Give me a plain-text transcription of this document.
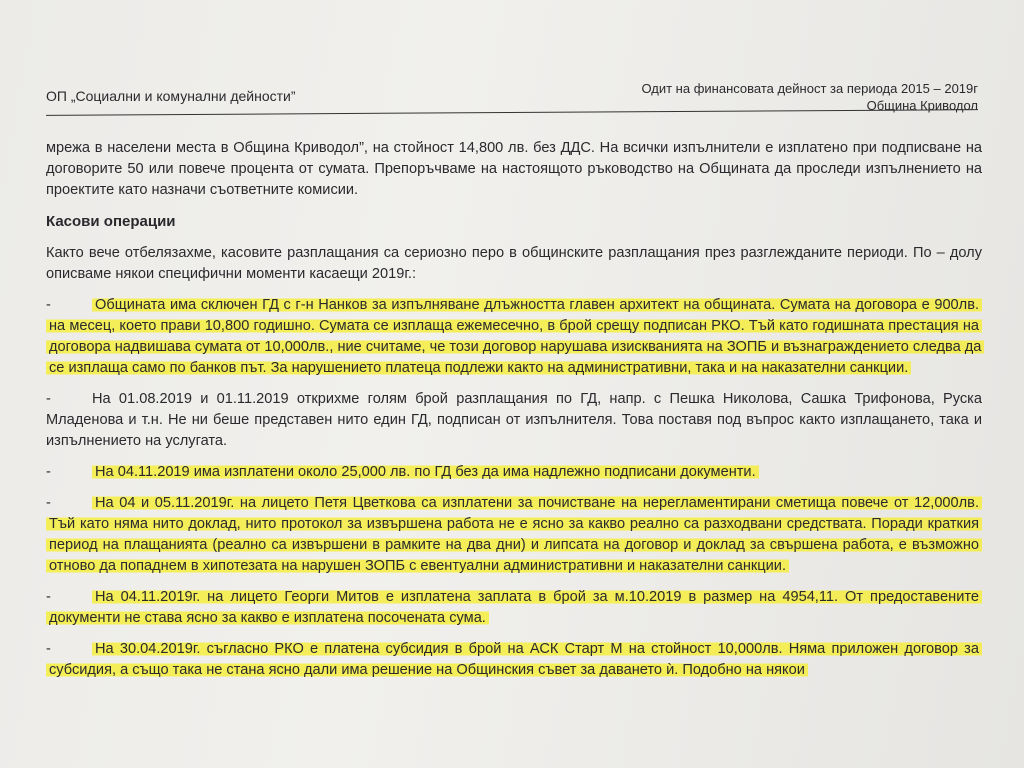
ОП „Социални и комунални дейности”	Одит на финансовата дейност за периода 2015 – 2019г
Община Криводол

мрежа в населени места в Община Криводол”, на стойност 14,800 лв. без ДДС. На всички изпълнители е изплатено при подписване на договорите 50 или повече процента от сумата. Препоръчваме на настоящото ръководство на Общината да проследи изпълнението на проектите като назначи съответните комисии.

Касови операции

Както вече отбелязахме, касовите разплащания са сериозно перо в общинските разплащания през разглежданите периоди. По – долу описваме някои специфични моменти касаещи 2019г.:

-	Общината има сключен ГД с г-н Нанков за изпълняване длъжността главен архитект на общината. Сумата на договора е 900лв. на месец, което прави 10,800 годишно. Сумата се изплаща ежемесечно, в брой срещу подписан РКО. Тъй като годишната престация на договора надвишава сумата от 10,000лв., ние считаме, че този договор нарушава изискванията на ЗОПБ и възнаграждението следва да се изплаща само по банков път. За нарушението платеца подлежи както на административни, така и на наказателни санкции.

-	На 01.08.2019 и 01.11.2019 открихме голям брой разплащания по ГД, напр. с Пешка Николова, Сашка Трифонова, Руска Младенова и т.н. Не ни беше представен нито един ГД, подписан от изпълнителя. Това поставя под въпрос както изплащането, така и изпълнението на услугата.

-	На 04.11.2019 има изплатени около 25,000 лв. по ГД без да има надлежно подписани документи.

-	На 04 и 05.11.2019г. на лицето Петя Цветкова са изплатени за почистване на нерегламентирани сметища повече от 12,000лв. Тъй като няма нито доклад, нито протокол за извършена работа не е ясно за какво реално са разходвани средствата. Поради краткия период на плащанията (реално са извършени в рамките на два дни) и липсата на договор и доклад за свършена работа, е възможно отново да попаднем в хипотезата на нарушен ЗОПБ с евентуални административни и наказателни санкции.

-	На 04.11.2019г. на лицето Георги Митов е изплатена заплата в брой за м.10.2019 в размер на 4954,11. От предоставените документи не става ясно за какво е изплатена посочената сума.

-	На 30.04.2019г. съгласно РКО е платена субсидия в брой на АСК Старт М на стойност 10,000лв. Няма приложен договор за субсидия, а също така не стана ясно дали има решение на Общинския съвет за даването ѝ. Подобно на някои
